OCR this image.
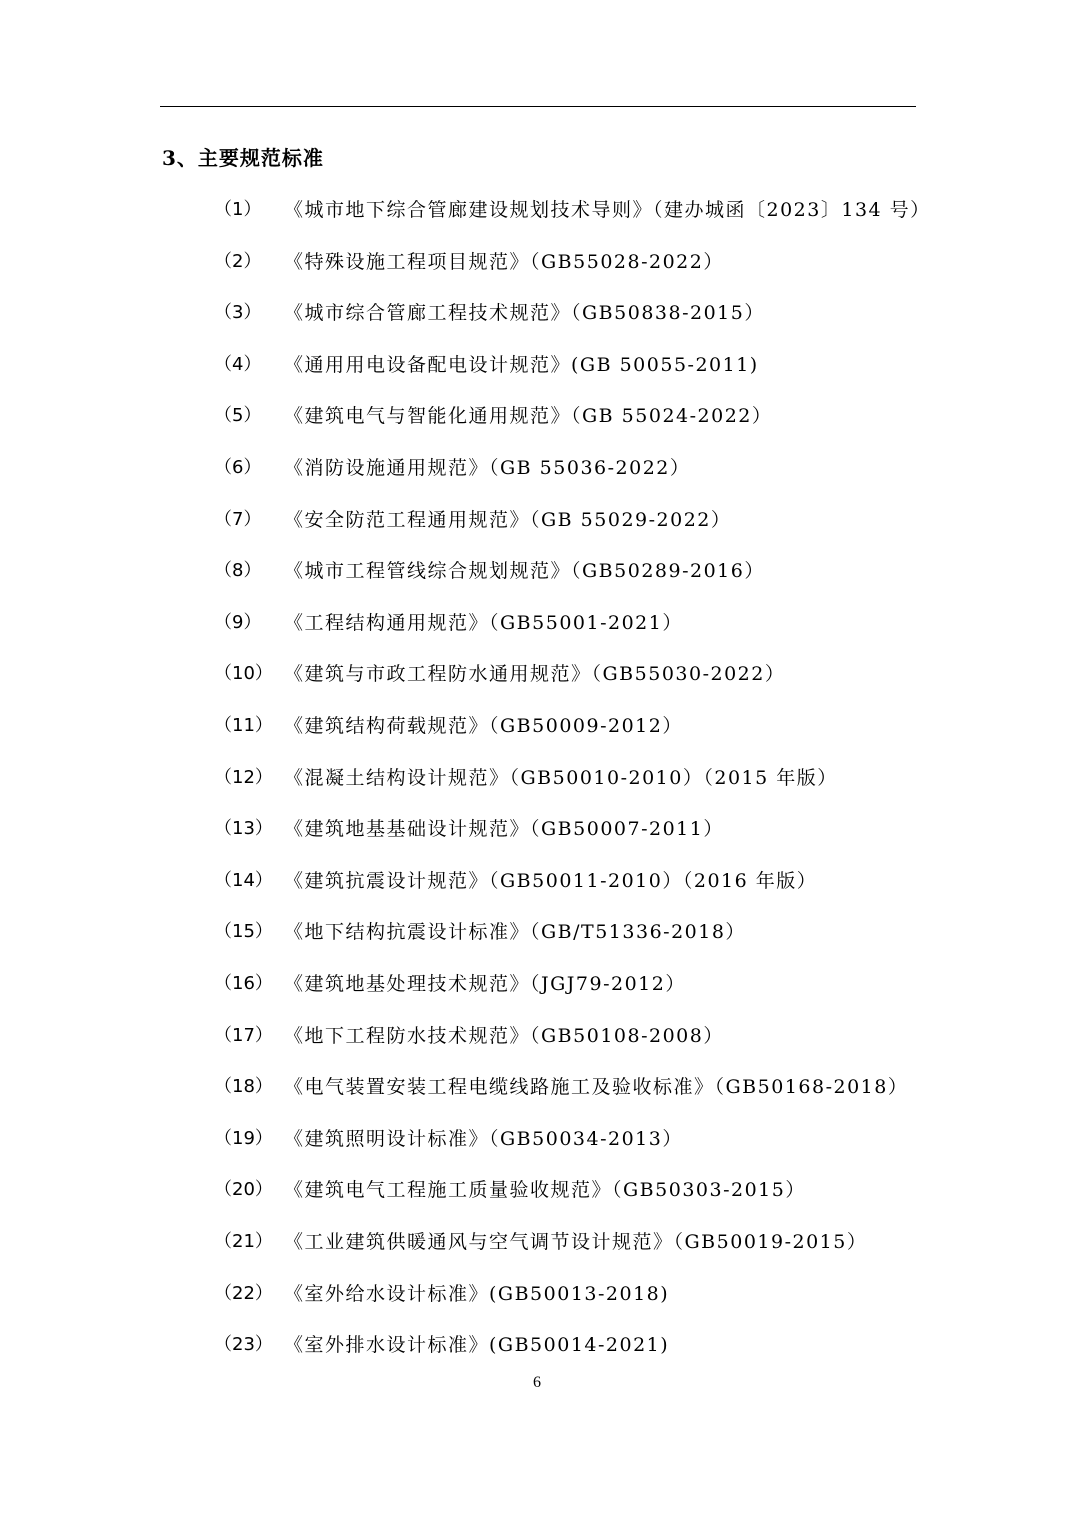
3、主要规范标准
（1）	《城市地下综合管廊建设规划技术导则》（建办城函〔2023〕134 号）
（2）	《特殊设施工程项目规范》（GB55028-2022）
（3）	《城市综合管廊工程技术规范》（GB50838-2015）
（4）	《通用用电设备配电设计规范》(GB 50055-2011)
（5）	《建筑电气与智能化通用规范》（GB 55024-2022）
（6）	《消防设施通用规范》（GB 55036-2022）
（7）	《安全防范工程通用规范》（GB 55029-2022）
（8）	《城市工程管线综合规划规范》（GB50289-2016）
（9）	《工程结构通用规范》（GB55001-2021）
（10） 《建筑与市政工程防水通用规范》（GB55030-2022）
（11） 《建筑结构荷载规范》（GB50009-2012）
（12） 《混凝土结构设计规范》（GB50010-2010）（2015 年版）
（13） 《建筑地基基础设计规范》（GB50007-2011）
（14） 《建筑抗震设计规范》（GB50011-2010）（2016 年版）
（15） 《地下结构抗震设计标准》（GB/T51336-2018）
（16） 《建筑地基处理技术规范》（JGJ79-2012）
（17） 《地下工程防水技术规范》（GB50108-2008）
（18） 《电气装置安装工程电缆线路施工及验收标准》（GB50168-2018）
（19） 《建筑照明设计标准》（GB50034-2013）
（20） 《建筑电气工程施工质量验收规范》（GB50303-2015）
（21） 《工业建筑供暖通风与空气调节设计规范》（GB50019-2015）
（22） 《室外给水设计标准》(GB50013-2018)
（23） 《室外排水设计标准》(GB50014-2021)
6
